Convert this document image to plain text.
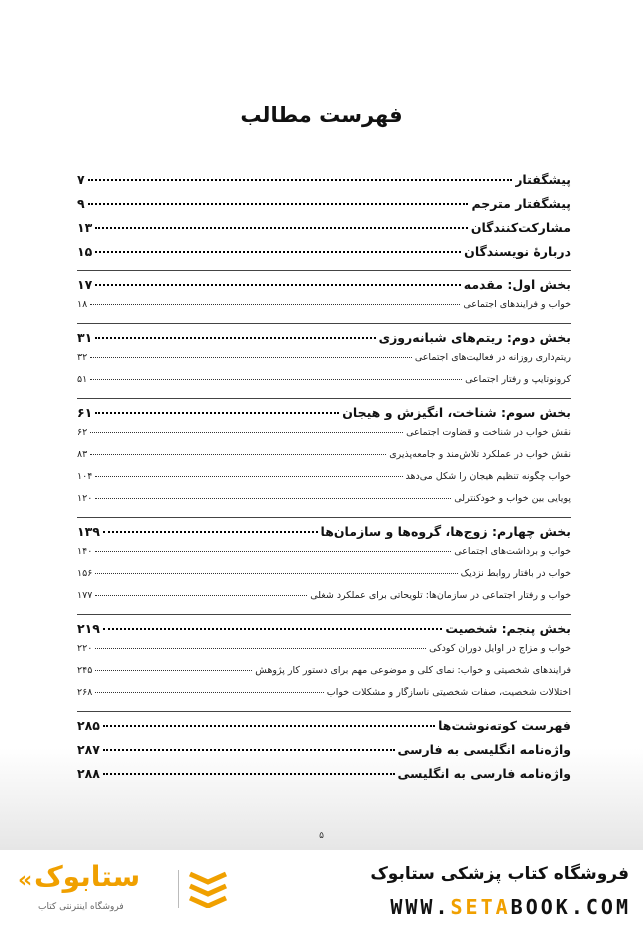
فهرست مطالب
پیشگفتار
۷
پیشگفتار مترجم
۹
مشارکت‌کنندگان
۱۳
دربارهٔ نویسندگان
۱۵
بخش اول: مقدمه
۱۷
خواب و فرایندهای اجتماعی
۱۸
بخش دوم: ریتم‌های شبانه‌روزی
۳۱
ریتم‌داری روزانه در فعالیت‌های اجتماعی
۳۲
کرونوتایپ و رفتار اجتماعی
۵۱
بخش سوم: شناخت، انگیزش و هیجان
۶۱
نقش خواب در شناخت و قضاوت اجتماعی
۶۲
نقش خواب در عملکرد تلاش‌مند و جامعه‌پذیری
۸۳
خواب چگونه تنظیم هیجان را شکل می‌دهد
۱۰۴
پویایی بین خواب و خودکنترلی
۱۲۰
بخش چهارم: زوج‌ها، گروه‌ها و سازمان‌ها
۱۳۹
خواب و برداشت‌های اجتماعی
۱۴۰
خواب در بافتار روابط نزدیک
۱۵۶
خواب و رفتار اجتماعی در سازمان‌ها: تلویحاتی برای عملکرد شغلی
۱۷۷
بخش پنجم: شخصیت
۲۱۹
خواب و مزاج در اوایل دوران کودکی
۲۲۰
فرایندهای شخصیتی و خواب: نمای کلی و موضوعی مهم برای دستور کار پژوهش
۲۴۵
اختلالات شخصیت، صفات شخصیتی ناسازگار و مشکلات خواب
۲۶۸
فهرست کوته‌نوشت‌ها
۲۸۵
واژه‌نامه انگلیسی به فارسی
۲۸۷
واژه‌نامه فارسی به انگلیسی
۲۸۸
۵
« ستابوک
فروشگاه اینترنتی کتاب
فروشگاه کتاب پزشکی ستابوک
WWW.SETABOOK.COM
